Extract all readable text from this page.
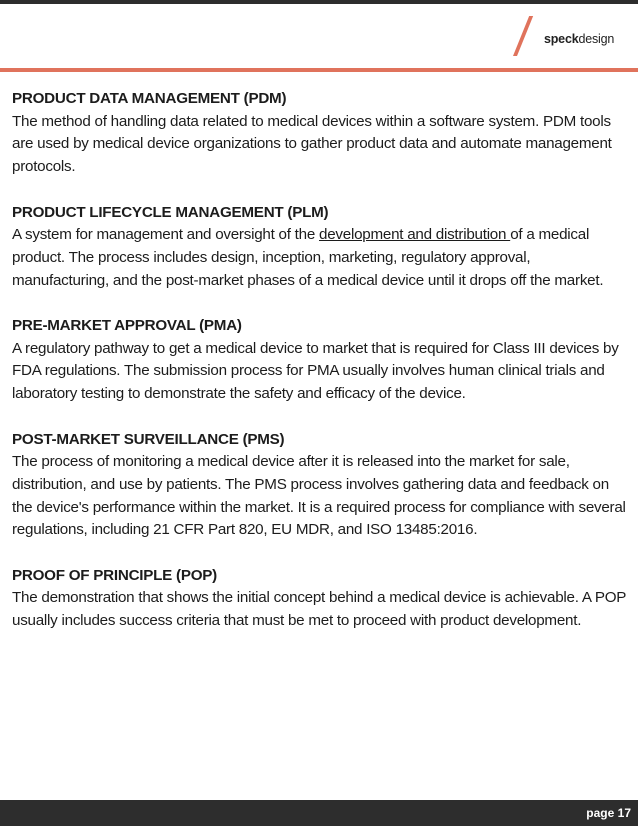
speckdesign

PRODUCT DATA MANAGEMENT (PDM)

The method of handling data related to medical devices within a software system. PDM tools are used by medical device organizations to gather product data and automate management protocols.

PRODUCT LIFECYCLE MANAGEMENT (PLM)

A system for management and oversight of the development and distribution of a medical product. The process includes design, inception, marketing, regulatory approval, manufacturing, and the post-market phases of a medical device until it drops off the market.

PRE-MARKET APPROVAL (PMA)

A regulatory pathway to get a medical device to market that is required for Class III devices by FDA regulations. The submission process for PMA usually involves human clinical trials and laboratory testing to demonstrate the safety and efficacy of the device.

POST-MARKET SURVEILLANCE (PMS)

The process of monitoring a medical device after it is released into the market for sale, distribution, and use by patients. The PMS process involves gathering data and feedback on the device's performance within the market. It is a required process for compliance with several regulations, including 21 CFR Part 820, EU MDR, and ISO 13485:2016.

PROOF OF PRINCIPLE (POP)

The demonstration that shows the initial concept behind a medical device is achievable. A POP usually includes success criteria that must be met to proceed with product development.

page 17
